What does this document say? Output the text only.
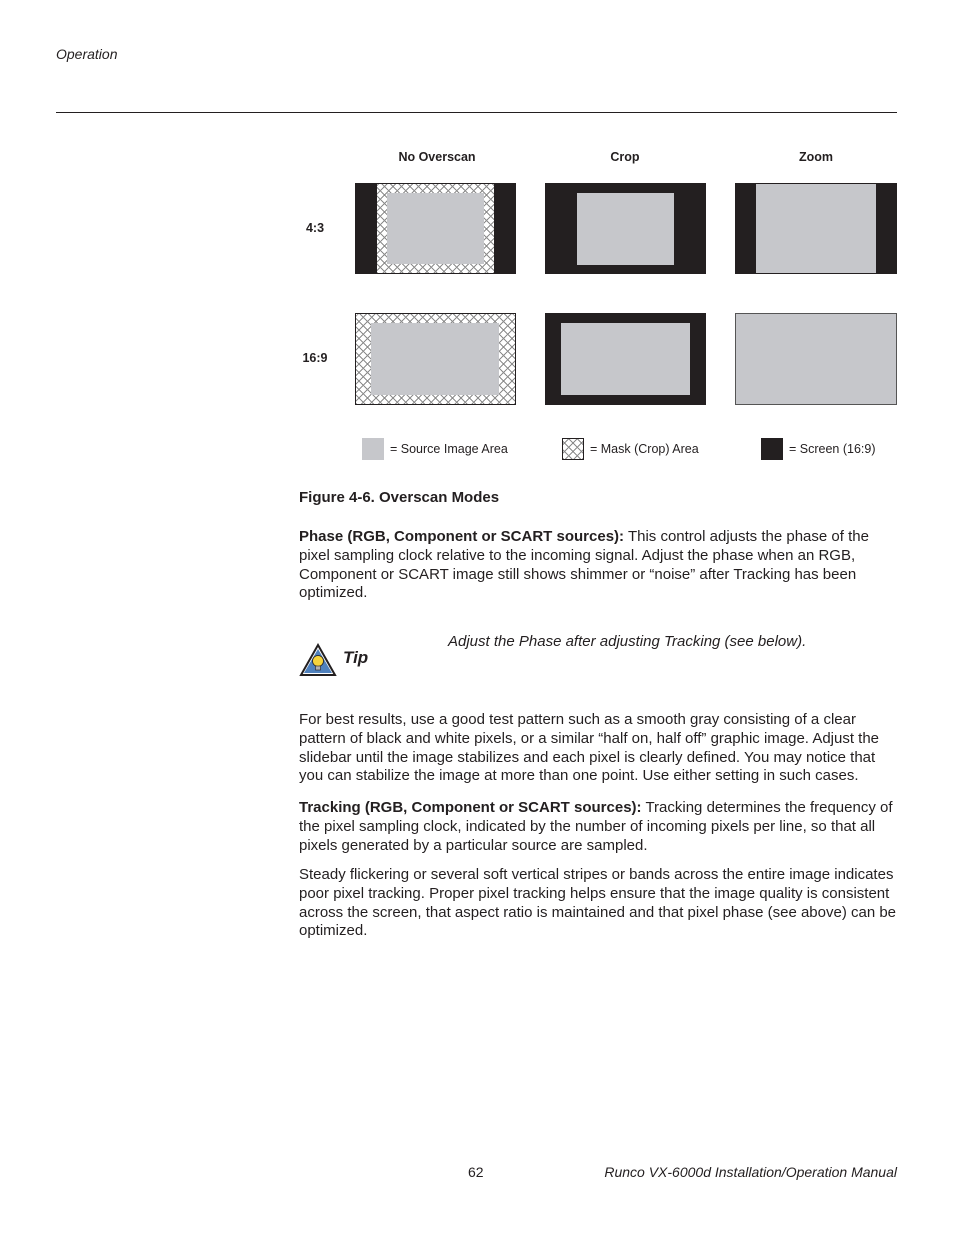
Operation
No Overscan	Crop	Zoom
4:3
16:9
= Source Image Area	= Mask (Crop) Area	= Screen (16:9)
Figure 4-6. Overscan Modes
Phase (RGB, Component or SCART sources): This control adjusts the phase of the pixel sampling clock relative to the incoming signal. Adjust the phase when an RGB, Component or SCART image still shows shimmer or “noise” after Tracking has been optimized.
Tip
Adjust the Phase after adjusting Tracking (see below).
For best results, use a good test pattern such as a smooth gray consisting of a clear pattern of black and white pixels, or a similar “half on, half off” graphic image. Adjust the slidebar until the image stabilizes and each pixel is clearly defined. You may notice that you can stabilize the image at more than one point. Use either setting in such cases.
Tracking (RGB, Component or SCART sources): Tracking determines the frequency of the pixel sampling clock, indicated by the number of incoming pixels per line, so that all pixels generated by a particular source are sampled.
Steady flickering or several soft vertical stripes or bands across the entire image indicates poor pixel tracking. Proper pixel tracking helps ensure that the image quality is consistent across the screen, that aspect ratio is maintained and that pixel phase (see above) can be optimized.
62	Runco VX-6000d Installation/Operation Manual
